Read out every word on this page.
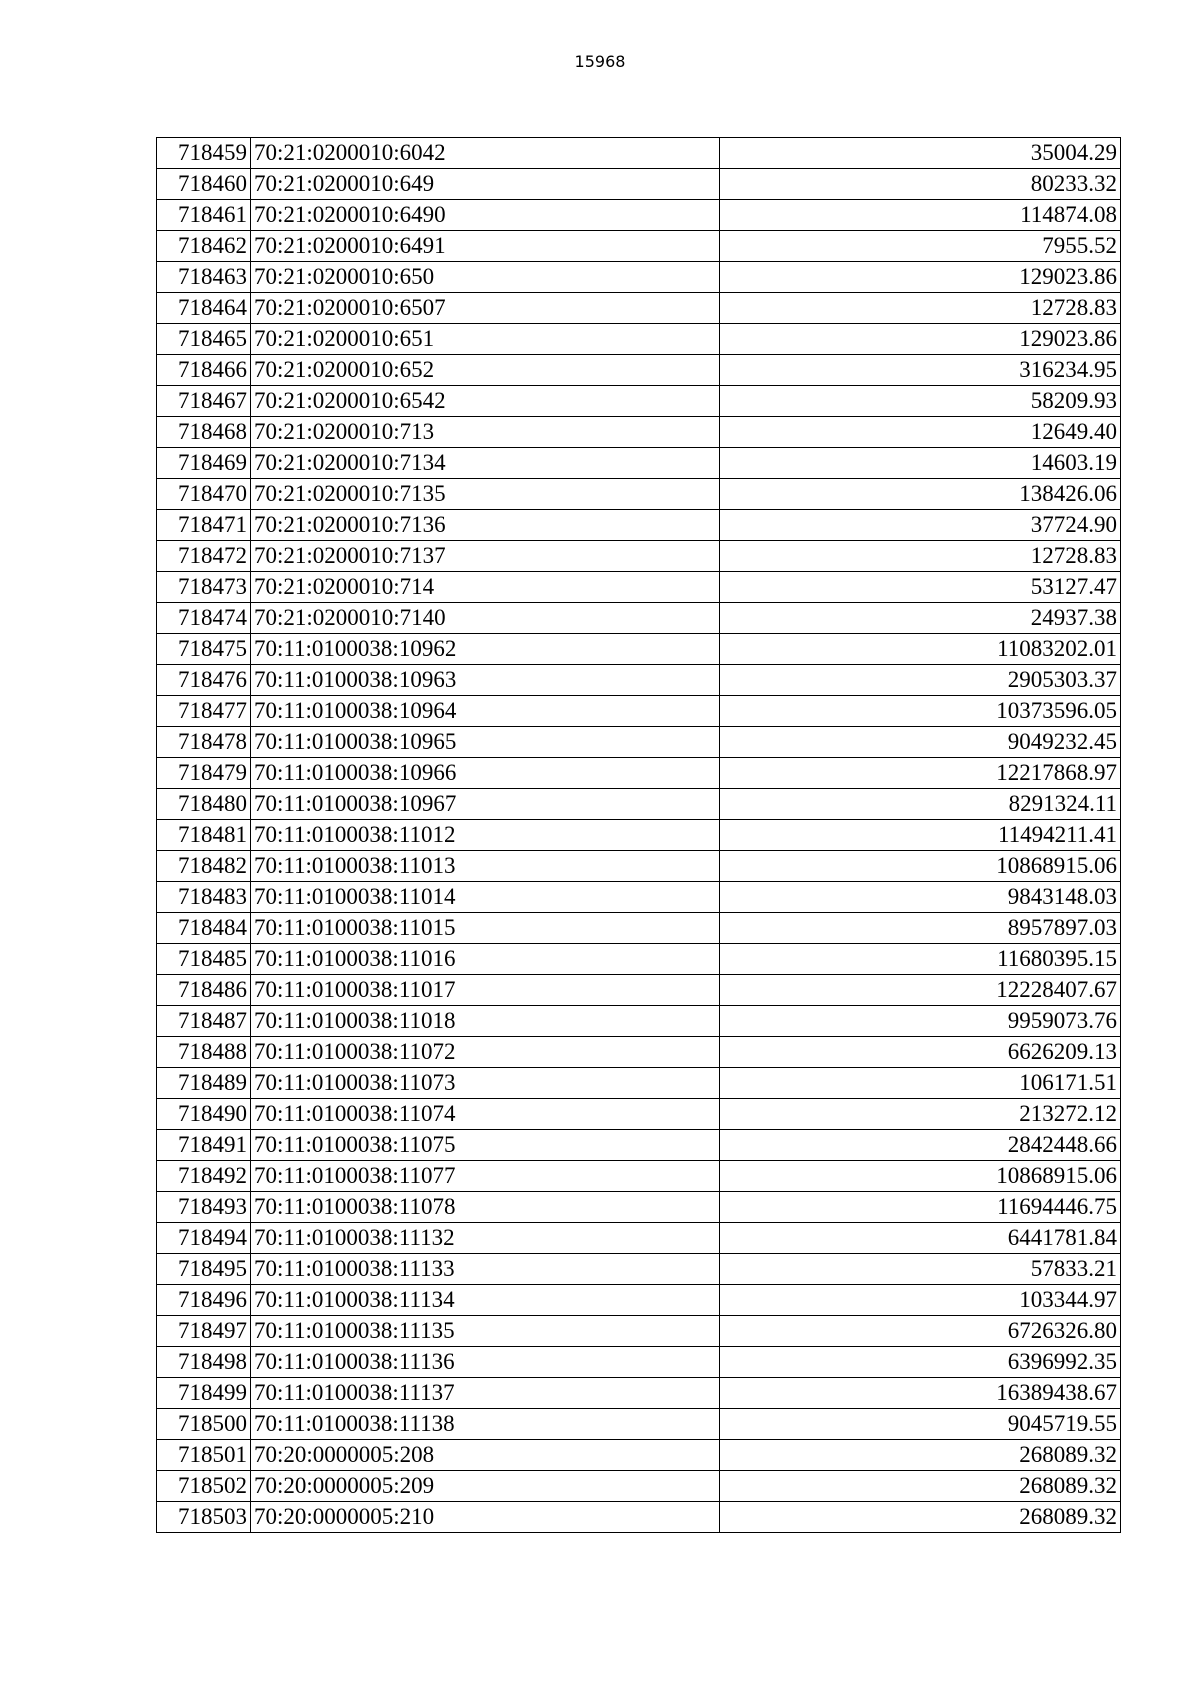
15968
718459	70:21:0200010:6042	35004.29
718460	70:21:0200010:649	80233.32
718461	70:21:0200010:6490	114874.08
718462	70:21:0200010:6491	7955.52
718463	70:21:0200010:650	129023.86
718464	70:21:0200010:6507	12728.83
718465	70:21:0200010:651	129023.86
718466	70:21:0200010:652	316234.95
718467	70:21:0200010:6542	58209.93
718468	70:21:0200010:713	12649.40
718469	70:21:0200010:7134	14603.19
718470	70:21:0200010:7135	138426.06
718471	70:21:0200010:7136	37724.90
718472	70:21:0200010:7137	12728.83
718473	70:21:0200010:714	53127.47
718474	70:21:0200010:7140	24937.38
718475	70:11:0100038:10962	11083202.01
718476	70:11:0100038:10963	2905303.37
718477	70:11:0100038:10964	10373596.05
718478	70:11:0100038:10965	9049232.45
718479	70:11:0100038:10966	12217868.97
718480	70:11:0100038:10967	8291324.11
718481	70:11:0100038:11012	11494211.41
718482	70:11:0100038:11013	10868915.06
718483	70:11:0100038:11014	9843148.03
718484	70:11:0100038:11015	8957897.03
718485	70:11:0100038:11016	11680395.15
718486	70:11:0100038:11017	12228407.67
718487	70:11:0100038:11018	9959073.76
718488	70:11:0100038:11072	6626209.13
718489	70:11:0100038:11073	106171.51
718490	70:11:0100038:11074	213272.12
718491	70:11:0100038:11075	2842448.66
718492	70:11:0100038:11077	10868915.06
718493	70:11:0100038:11078	11694446.75
718494	70:11:0100038:11132	6441781.84
718495	70:11:0100038:11133	57833.21
718496	70:11:0100038:11134	103344.97
718497	70:11:0100038:11135	6726326.80
718498	70:11:0100038:11136	6396992.35
718499	70:11:0100038:11137	16389438.67
718500	70:11:0100038:11138	9045719.55
718501	70:20:0000005:208	268089.32
718502	70:20:0000005:209	268089.32
718503	70:20:0000005:210	268089.32
